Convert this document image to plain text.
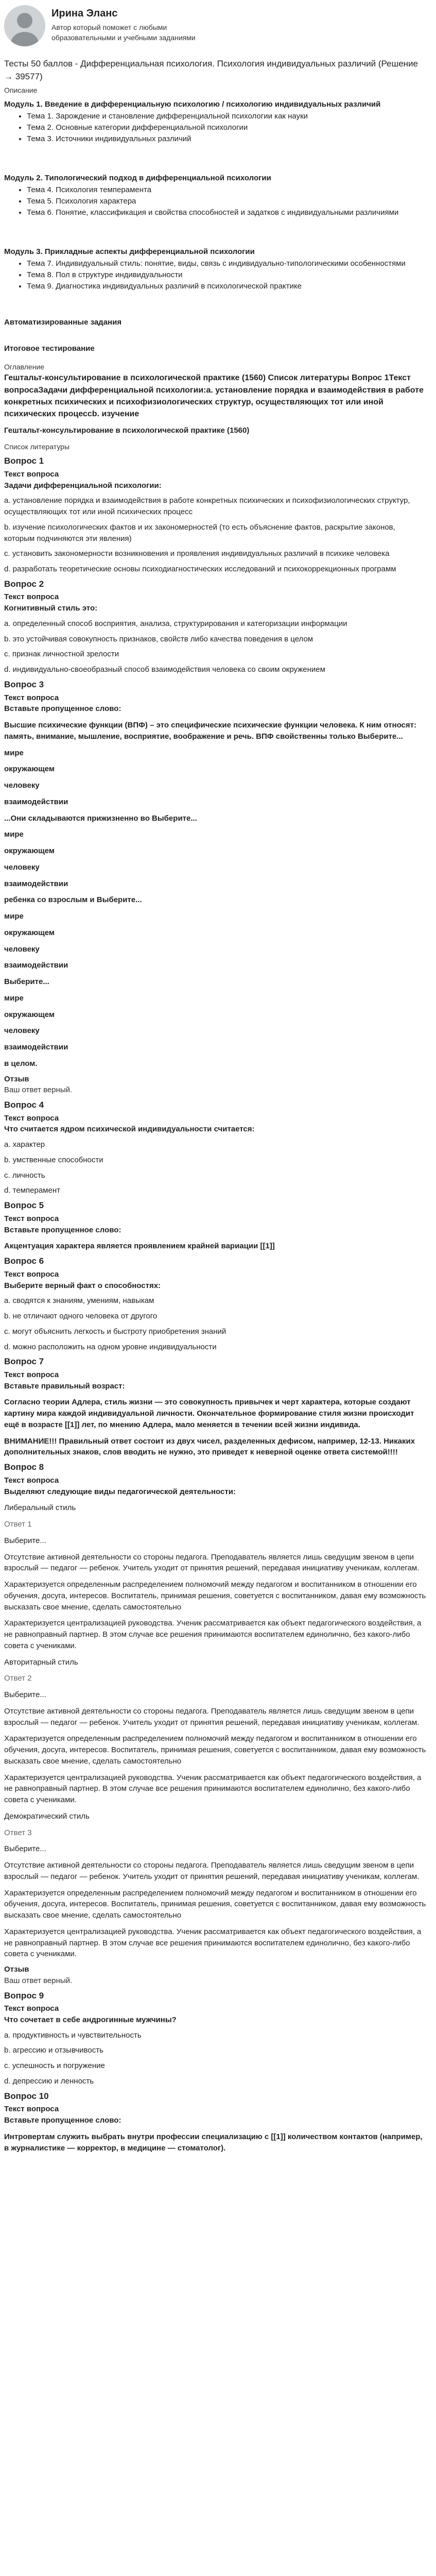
Ирина Эланс
Автор который поможет с любыми образовательными и учебными заданиями
Тесты 50 баллов - Дифференциальная психология. Психология индивидуальных различий (Решение → 39577)
Описание
Модуль 1. Введение в дифференциальную психологию / психологию индивидуальных различий
• Тема 1. Зарождение и становление дифференциальной психологии как науки
• Тема 2. Основные категории дифференциальной психологии
• Тема 3. Источники индивидуальных различий
Модуль 2. Типологический подход в дифференциальной психологии
• Тема 4. Психология темперамента
• Тема 5. Психология характера
• Тема 6. Понятие, классификация и свойства способностей и задатков с индивидуальными различиями
Модуль 3. Прикладные аспекты дифференциальной психологии
• Тема 7. Индивидуальный стиль: понятие, виды, связь с индивидуально-типологическими особенностями
• Тема 8. Пол в структуре индивидуальности
• Тема 9. Диагностика индивидуальных различий в психологической практике
Автоматизированные задания
Итоговое тестирование
Оглавление
Гештальт-консультирование в психологической практике (1560) Список литературы Вопрос 1Текст вопросаЗадачи дифференциальной психологии:а. установление порядка и взаимодействия в работе конкретных психических и психофизиологических структур, осуществляющих тот или иной психических процессb. изучение
Гештальт-консультирование в психологической практике (1560)
Список литературы
Вопрос 1
Текст вопроса
Задачи дифференциальной психологии:
а. установление порядка и взаимодействия в работе конкретных психических и психофизиологических структур, осуществляющих тот или иной психических процесс
b. изучение психологических фактов и их закономерностей (то есть объяснение фактов, раскрытие законов, которым подчиняются эти явления)
c. установить закономерности возникновения и проявления индивидуальных различий в психике человека
d. разработать теоретические основы психодиагностических исследований и психокоррекционных программ
Вопрос 2
Текст вопроса
Когнитивный стиль это:
a. определенный способ восприятия, анализа, структурирования и категоризации информации
b. это устойчивая совокупность признаков, свойств либо качества поведения в целом
c. признак личностной зрелости
d. индивидуально-своеобразный способ взаимодействия человека со своим окружением
Вопрос 3
Текст вопроса
Вставьте пропущенное слово:
Высшие психические функции (ВПФ) – это специфические психические функции человека. К ним относят: память, внимание, мышление, восприятие, воображение и речь. ВПФ свойственны только Выберите...
мире
окружающем
человеку
взаимодействии
...Они складываются прижизненно во Выберите...
мире
окружающем
человеку
взаимодействии
ребенка со взрослым и Выберите...
мире
окружающем
человеку
взаимодействии
Выберите...
мире
окружающем
человеку
взаимодействии
в целом.
Отзыв
Ваш ответ верный.
Вопрос 4
Текст вопроса
Что считается ядром психической индивидуальности считается:
a. характер
b. умственные способности
c. личность
d. темперамент
Вопрос 5
Текст вопроса
Вставьте пропущенное слово:
Акцентуация характера является проявлением крайней вариации [[1]]
Вопрос 6
Текст вопроса
Выберите верный факт о способностях:
a. сводятся к знаниям, умениям, навыкам
b. не отличают одного человека от другого
c. могут объяснить легкость и быстроту приобретения знаний
d. можно расположить на одном уровне индивидуальности
Вопрос 7
Текст вопроса
Вставьте правильный возраст:
Согласно теории Адлера, стиль жизни — это совокупность привычек и черт характера, которые создают картину мира каждой индивидуальной личности. Окончательное формирование стиля жизни происходит ещё в возрасте [[1]] лет, по мнению Адлера, мало меняется в течении всей жизни индивида.
ВНИМАНИЕ!!! Правильный ответ состоит из двух чисел, разделенных дефисом, например, 12-13. Никаких дополнительных знаков, слов вводить не нужно, это приведет к неверной оценке ответа системой!!!!
Вопрос 8
Текст вопроса
Выделяют следующие виды педагогической деятельности:
Либеральный стиль
Ответ 1
Выберите...
Отсутствие активной деятельности со стороны педагога. Преподаватель является лишь сведущим звеном в цепи взрослый — педагог — ребенок. Учитель уходит от принятия решений, передавая инициативу ученикам, коллегам.
Характеризуется определенным распределением полномочий между педагогом и воспитанником в отношении его обучения, досуга, интересов. Воспитатель, принимая решения, советуется с воспитанником, давая ему возможность высказать свое мнение, сделать самостоятельно
Характеризуется централизацией руководства. Ученик рассматривается как объект педагогического воздействия, а не равноправный партнер. В этом случае все решения принимаются воспитателем единолично, без какого-либо совета с учениками.
Авторитарный стиль
Ответ 2
Выберите...
Отсутствие активной деятельности со стороны педагога. Преподаватель является лишь сведущим звеном в цепи взрослый — педагог — ребенок. Учитель уходит от принятия решений, передавая инициативу ученикам, коллегам.
Характеризуется определенным распределением полномочий между педагогом и воспитанником в отношении его обучения, досуга, интересов. Воспитатель, принимая решения, советуется с воспитанником, давая ему возможность высказать свое мнение, сделать самостоятельно
Характеризуется централизацией руководства. Ученик рассматривается как объект педагогического воздействия, а не равноправный партнер. В этом случае все решения принимаются воспитателем единолично, без какого-либо совета с учениками.
Демократический стиль
Ответ 3
Выберите...
Отсутствие активной деятельности со стороны педагога. Преподаватель является лишь сведущим звеном в цепи взрослый — педагог — ребенок. Учитель уходит от принятия решений, передавая инициативу ученикам, коллегам.
Характеризуется определенным распределением полномочий между педагогом и воспитанником в отношении его обучения, досуга, интересов. Воспитатель, принимая решения, советуется с воспитанником, давая ему возможность высказать свое мнение, сделать самостоятельно
Характеризуется централизацией руководства. Ученик рассматривается как объект педагогического воздействия, а не равноправный партнер. В этом случае все решения принимаются воспитателем единолично, без какого-либо совета с учениками.
Отзыв
Ваш ответ верный.
Вопрос 9
Текст вопроса
Что сочетает в себе андрогинные мужчины?
a. продуктивность и чувствительность
b. агрессию и отзывчивость
c. успешность и погружение
d. депрессию и ленность
Вопрос 10
Текст вопроса
Вставьте пропущенное слово:
Интровертам служить выбрать внутри профессии специализацию с [[1]] количеством контактов (например, в журналистике — корректор, в медицине — стоматолог).
